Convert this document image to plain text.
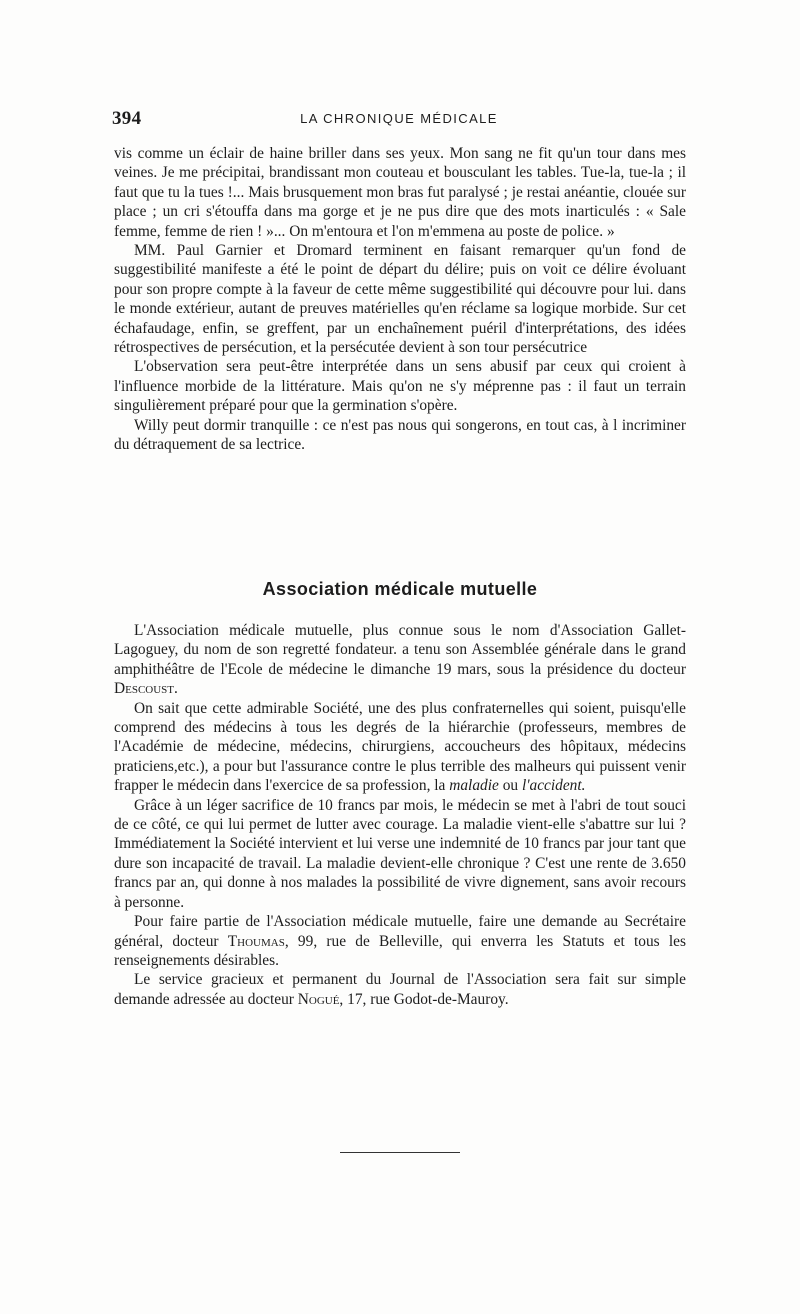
394	LA CHRONIQUE MÉDICALE

vis comme un éclair de haine briller dans ses yeux. Mon sang ne fit qu'un tour dans mes veines. Je me précipitai, brandissant mon couteau et bousculant les tables. Tue-la, tue-la ; il faut que tu la tues !... Mais brusquement mon bras fut paralysé ; je restai anéantie, clouée sur place ; un cri s'étouffa dans ma gorge et je ne pus dire que des mots inarticulés : « Sale femme, femme de rien ! »... On m'entoura et l'on m'emmena au poste de police. »

MM. Paul Garnier et Dromard terminent en faisant remarquer qu'un fond de suggestibilité manifeste a été le point de départ du délire; puis on voit ce délire évoluant pour son propre compte à la faveur de cette même suggestibilité qui découvre pour lui. dans le monde extérieur, autant de preuves matérielles qu'en réclame sa logique morbide. Sur cet échafaudage, enfin, se greffent, par un enchaînement puéril d'interprétations, des idées rétrospectives de persécution, et la persécutée devient à son tour persécutrice

L'observation sera peut-être interprétée dans un sens abusif par ceux qui croient à l'influence morbide de la littérature. Mais qu'on ne s'y méprenne pas : il faut un terrain singulièrement préparé pour que la germination s'opère.

Willy peut dormir tranquille : ce n'est pas nous qui songerons, en tout cas, à l incriminer du détraquement de sa lectrice.

Association médicale mutuelle

L'Association médicale mutuelle, plus connue sous le nom d'Association Gallet-Lagoguey, du nom de son regretté fondateur. a tenu son Assemblée générale dans le grand amphithéâtre de l'Ecole de médecine le dimanche 19 mars, sous la présidence du docteur Descoust.

On sait que cette admirable Société, une des plus confraternelles qui soient, puisqu'elle comprend des médecins à tous les degrés de la hiérarchie (professeurs, membres de l'Académie de médecine, médecins, chirurgiens, accoucheurs des hôpitaux, médecins praticiens,etc.), a pour but l'assurance contre le plus terrible des malheurs qui puissent venir frapper le médecin dans l'exercice de sa profession, la maladie ou l'accident.

Grâce à un léger sacrifice de 10 francs par mois, le médecin se met à l'abri de tout souci de ce côté, ce qui lui permet de lutter avec courage. La maladie vient-elle s'abattre sur lui ? Immédiatement la Société intervient et lui verse une indemnité de 10 francs par jour tant que dure son incapacité de travail. La maladie devient-elle chronique ? C'est une rente de 3.650 francs par an, qui donne à nos malades la possibilité de vivre dignement, sans avoir recours à personne.

Pour faire partie de l'Association médicale mutuelle, faire une demande au Secrétaire général, docteur Thoumas, 99, rue de Belleville, qui enverra les Statuts et tous les renseignements désirables.

Le service gracieux et permanent du Journal de l'Association sera fait sur simple demande adressée au docteur Nogué, 17, rue Godot-de-Mauroy.
